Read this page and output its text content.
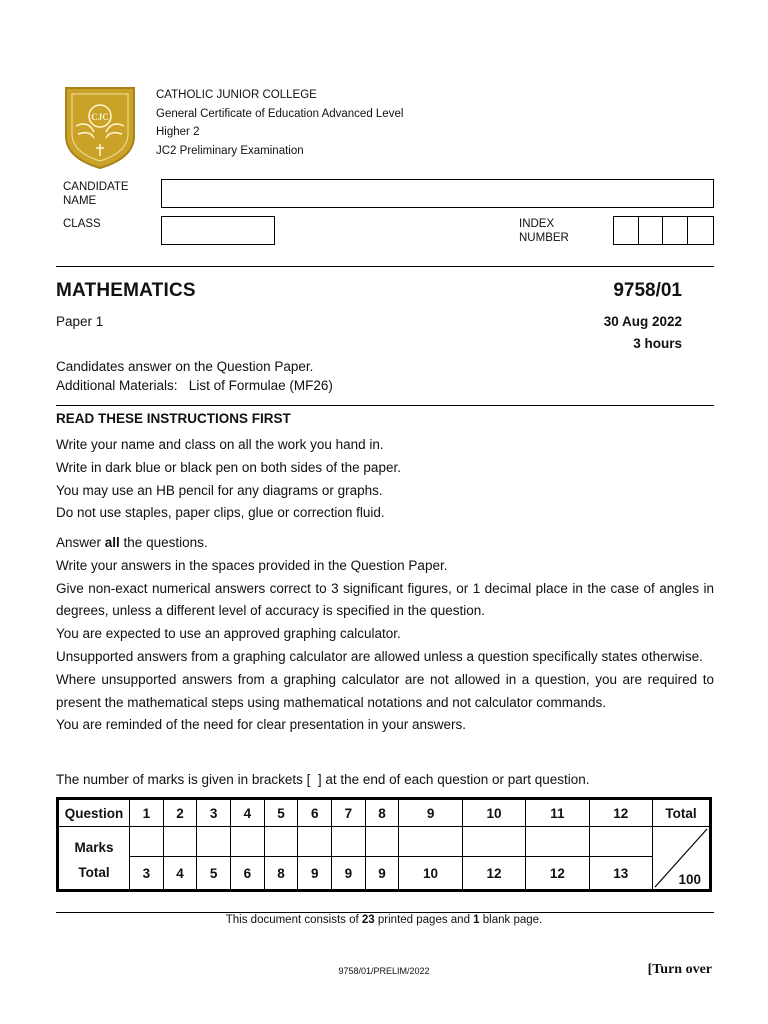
CJC
CATHOLIC JUNIOR COLLEGE
General Certificate of Education Advanced Level
Higher 2
JC2 Preliminary Examination
CANDIDATE
NAME
CLASS	INDEX
NUMBER
MATHEMATICS	9758/01
Paper 1	30 Aug 2022
3 hours
Candidates answer on the Question Paper.
Additional Materials:   List of Formulae (MF26)
READ THESE INSTRUCTIONS FIRST
Write your name and class on all the work you hand in.
Write in dark blue or black pen on both sides of the paper.
You may use an HB pencil for any diagrams or graphs.
Do not use staples, paper clips, glue or correction fluid.
Answer all the questions.
Write your answers in the spaces provided in the Question Paper.
Give non-exact numerical answers correct to 3 significant figures, or 1 decimal place in the case of angles in degrees, unless a different level of accuracy is specified in the question.
You are expected to use an approved graphing calculator.
Unsupported answers from a graphing calculator are allowed unless a question specifically states otherwise.
Where unsupported answers from a graphing calculator are not allowed in a question, you are required to present the mathematical steps using mathematical notations and not calculator commands.
You are reminded of the need for clear presentation in your answers.
The number of marks is given in brackets [  ] at the end of each question or part question.
Question	1	2	3	4	5	6	7	8	9	10	11	12	Total
Marks													100

Total	3	4	5	6	8	9	9	9	10	12	12	13	
This document consists of 23 printed pages and 1 blank page.
9758/01/PRELIM/2022	[Turn over
